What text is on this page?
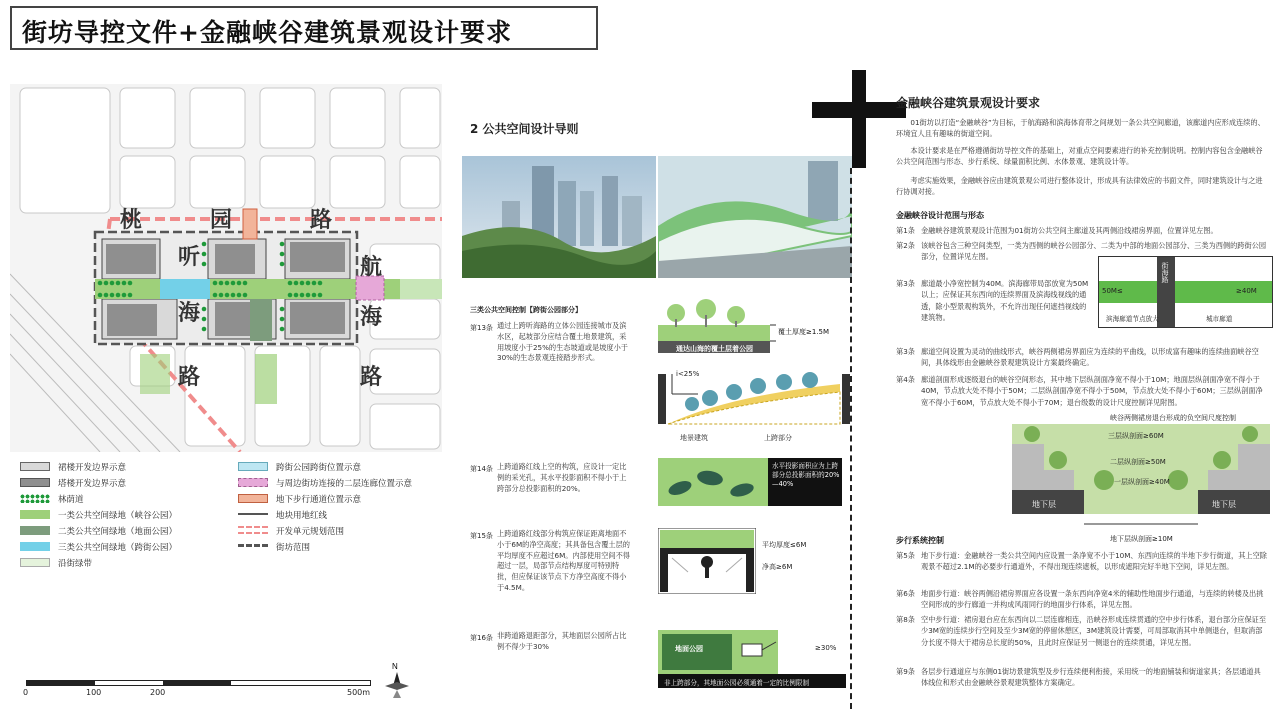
街坊导控文件+金融峡谷建筑景观设计要求
桃	园	路
听
海
路
航
海
路
裙楼开发边界示意
塔楼开发边界示意
林荫道
一类公共空间绿地（峡谷公园）
二类公共空间绿地（地面公园）
三类公共空间绿地（跨街公园）
沿街绿带
跨街公园跨街位置示意
与周边街坊连接的二层连廊位置示意
地下步行通道位置示意
地块用地红线
开发单元规划范围
街坊范围
0	100	200	500m
N
2 公共空间设计导则
三类公共空间控制【跨街公园部分】
第13条 通过上跨听海路的立体公园连接城市及滨水区，起坡部分应结合覆土地景建筑，采用坡度小于25%的生态坡道或是坡度小于30%的生态景观连接踏步形式。
覆土厚度≥1.5M
通达山海的覆土层着公园
i<25%
地景建筑	上跨部分
第14条 上跨道路红线上空的构筑，应设计一定比例的采光孔，其水平投影面积不得小于上跨部分总投影面积的20%。
水平投影面积应为上跨部分总投影面积的20%—40%
第15条 上跨道路红线部分构筑应保证距离地面不小于6M的净空高度；其具备包含覆土层的平均厚度不应超过6M。内部使用空间不得超过一层，局部节点结构厚度可特别特批，但应保证该节点下方净空高度不得小于4.5M。
平均厚度≤6M
净高≥6M
第16条 非跨道路退距部分，其地面层公园所占比例不得少于30%	地面公园	≥30%
非上跨部分，其地面公园必须通着一定的比例限制
金融峡谷建筑景观设计要求
01街坊以打造“金融峡谷”为目标，于航海路和滨海体育带之间规划一条公共空间廊道，该廊道内应形成连续的、环境宜人且有趣味的街道空间。
本设计要求是在严格遵循街坊导控文件的基础上，对重点空间要素进行的补充控制说明。控制内容包含金融峡谷公共空间范围与形态、步行系统、绿量面积比例、水体景观、建筑设计等。
考虑实施效果，金融峡谷应由建筑景观公司进行整体设计，形成具有法律效应的书面文件，同时建筑设计与之进行协调对接。
金融峡谷设计范围与形态
第1条 金融峡谷建筑景观设计范围为01街坊公共空间主廊道及其两侧沿线裙房界面，位置详见左图。
第2条 该峡谷包含三种空间类型，一类为西侧的峡谷公园部分、二类为中部的地面公园部分、三类为西侧的跨街公园部分，位置详见左图。
第3条 廊道最小净宽控制为40M。滨海廊带局部放宽为50M以上；应保证其东西向的连续界面及滨海线视线的通透，除小型景观构筑外，不允许出现任何遮挡视线的建筑物。
街海路
50M≤	≥40M
滨海廊道节点放大	城市廊道
第3条 廊道空间设置为灵动的曲线形式，峡谷两侧裙房界面应为连续的平曲线，以形成富有趣味的连续曲面峡谷空间，具体线形由金融峡谷景观建筑设计方案最终确定。
第4条 廊道剖面形成逐级退台的峡谷空间形态，其中地下层纵剖面净宽不得小于10M；地面层纵剖面净宽不得小于40M，节点放大处不得小于50M；二层纵剖面净宽不得小于50M，节点放大处不得小于60M；三层纵剖面净宽不得小于60M，节点放大处不得小于70M；退台级数的设计尺度控制详见附图。
峡谷两侧裙房退台形成的负空间尺度控制
三层纵剖面≥60M
二层纵剖面≥50M
一层纵剖面≥40M
地下层	地下层
地下层纵剖面≥10M
步行系统控制
第5条 地下步行道：金融峡谷一类公共空间内应设置一条净宽不小于10M、东西向连续的半地下步行街道，其上空除观景不超过2.1M的必要步行通道外，不得出现连续遮板，以形成遮阳完好半地下空间，详见左图。
第6条 地面步行道：峡谷两侧沿裙房界面应各设置一条东西向净宽4米的辅助性地面步行通道，与连续的转楼及出挑空间形成的步行廊道一并构成风雨同行的地面步行体系，详见左图。
第8条 空中步行道：裙房退台应在东西向以二层连廊相连，沿峡谷形成连续贯通的空中步行体系，退台部分应保证至少3M宽的连续步行空间及至少3M宽的停留休憩区，3M建筑设计需要，可局部取消其中单侧退台，但取消部分长度不得大于裙房总长度的50%，且此时应保证另一侧退台的连续贯通，详见左图。
第9条 各层步行通道应与东侧01街坊景建筑型及步行连续便利衔接，采用统一的地面铺装和街道家具；各层通道具体线位和形式由金融峡谷景观建筑整体方案确定。
